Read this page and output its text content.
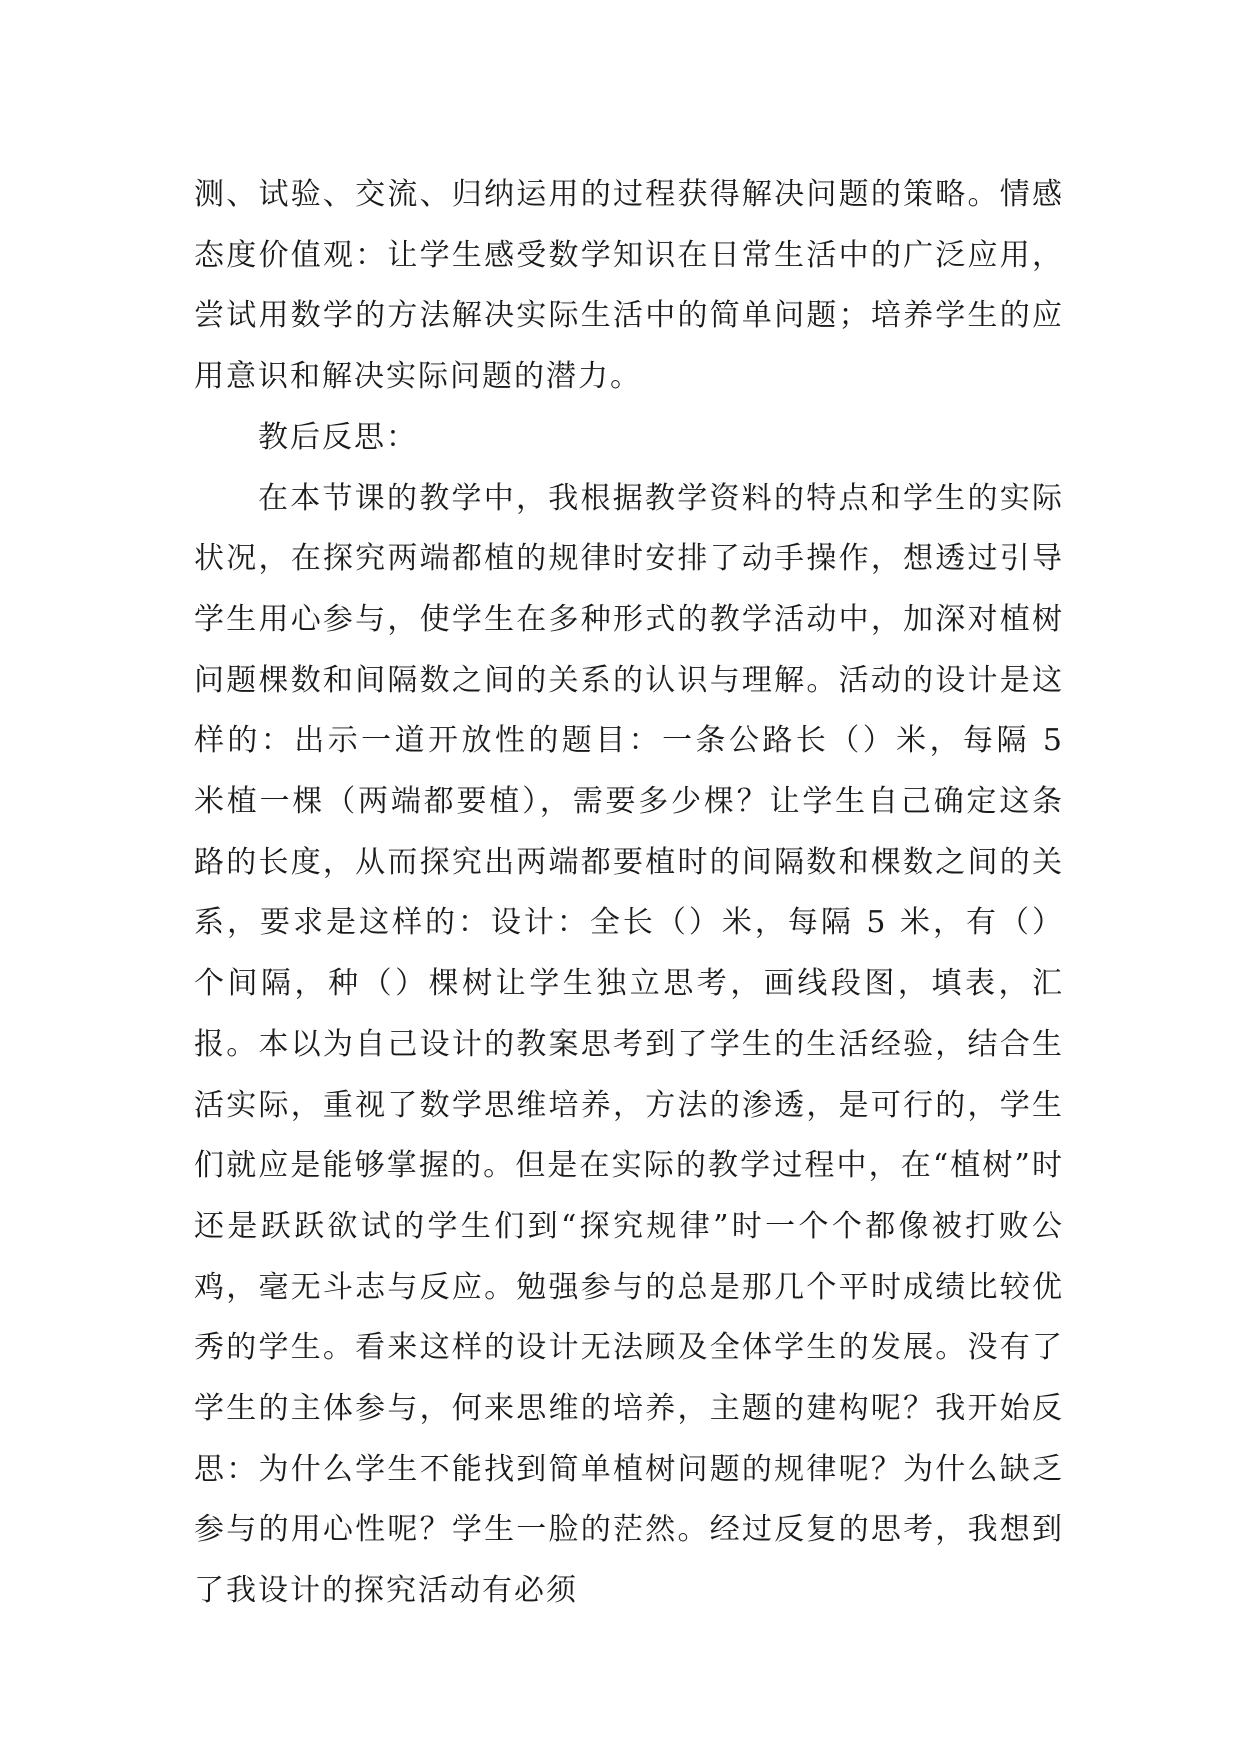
测、试验、交流、归纳运用的过程获得解决问题的策略。情感态度价值观：让学生感受数学知识在日常生活中的广泛应用，尝试用数学的方法解决实际生活中的简单问题；培养学生的应用意识和解决实际问题的潜力。

教后反思：

在本节课的教学中，我根据教学资料的特点和学生的实际状况，在探究两端都植的规律时安排了动手操作，想透过引导学生用心参与，使学生在多种形式的教学活动中，加深对植树问题棵数和间隔数之间的关系的认识与理解。活动的设计是这样的：出示一道开放性的题目：一条公路长（）米，每隔 5 米植一棵（两端都要植），需要多少棵？让学生自己确定这条路的长度，从而探究出两端都要植时的间隔数和棵数之间的关系，要求是这样的：设计：全长（）米，每隔 5 米，有（）个间隔，种（）棵树让学生独立思考，画线段图，填表，汇报。本以为自己设计的教案思考到了学生的生活经验，结合生活实际，重视了数学思维培养，方法的渗透，是可行的，学生们就应是能够掌握的。但是在实际的教学过程中，在“植树”时还是跃跃欲试的学生们到“探究规律”时一个个都像被打败公鸡，毫无斗志与反应。勉强参与的总是那几个平时成绩比较优秀的学生。看来这样的设计无法顾及全体学生的发展。没有了学生的主体参与，何来思维的培养，主题的建构呢？我开始反思：为什么学生不能找到简单植树问题的规律呢？为什么缺乏参与的用心性呢？学生一脸的茫然。经过反复的思考，我想到了我设计的探究活动有必须
